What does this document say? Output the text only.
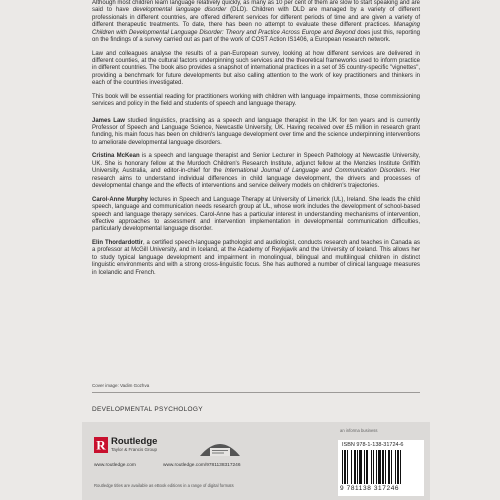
Although most children learn language relatively quickly, as many as 10 per cent of them are slow to start speaking and are said to have developmental language disorder (DLD). Children with DLD are managed by a variety of different professionals in different countries, are offered different services for different periods of time and are given a variety of different therapeutic treatments. To date, there has been no attempt to evaluate these different practices. Managing Children with Developmental Language Disorder: Theory and Practice Across Europe and Beyond does just this, reporting on the findings of a survey carried out as part of the work of COST Action IS1406, a European research network.

Law and colleagues analyse the results of a pan-European survey, looking at how different services are delivered in different counties, at the cultural factors underpinning such services and the theoretical frameworks used to inform practice in different countries. The book also provides a snapshot of international practices in a set of 35 country-specific "vignettes", providing a benchmark for future developments but also calling attention to the work of key practitioners and thinkers in each of the countries investigated.

This book will be essential reading for practitioners working with children with language impairments, those commissioning services and policy in the field and students of speech and language therapy.

James Law studied linguistics, practising as a speech and language therapist in the UK for ten years and is currently Professor of Speech and Language Science, Newcastle University, UK. Having received over £5 million in research grant funding, his main focus has been on children's language development over time and the science underpinning interventions to ameliorate developmental language disorders.

Cristina McKean is a speech and language therapist and Senior Lecturer in Speech Pathology at Newcastle University, UK. She is honorary fellow at the Murdoch Children's Research Institute, adjunct fellow at the Menzies Institute Griffith University, Australia, and editor-in-chief for the International Journal of Language and Communication Disorders. Her research aims to understand individual differences in child language development, the drivers and processes of developmental change and the effects of interventions and service delivery models on children's trajectories.

Carol-Anne Murphy lectures in Speech and Language Therapy at University of Limerick (UL), Ireland. She leads the child speech, language and communication needs research group at UL, whose work includes the development of school-based speech and language therapy services. Carol-Anne has a particular interest in understanding mechanisms of intervention, effective approaches to assessment and intervention implementation in developmental communication difficulties, particularly developmental language disorder.

Elin Thordardottir, a certified speech-language pathologist and audiologist, conducts research and teaches in Canada as a professor at McGill University, and in Iceland, at the Academy of Reykjavik and the University of Iceland. This allows her to study typical language development and impairment in monolingual, bilingual and multilingual children in distinct linguistic environments and with a strong cross-linguistic focus. She has authored a number of clinical language measures in Icelandic and French.

Cover image: Vadim Gozhva
DEVELOPMENTAL PSYCHOLOGY
R Routledge
Taylor & Francis Group
www.routledge.com	www.routledge.com/9781138317246
Routledge titles are available as eBook editions in a range of digital formats
an informa business
ISBN 978-1-138-31724-6
9 781138 317246
